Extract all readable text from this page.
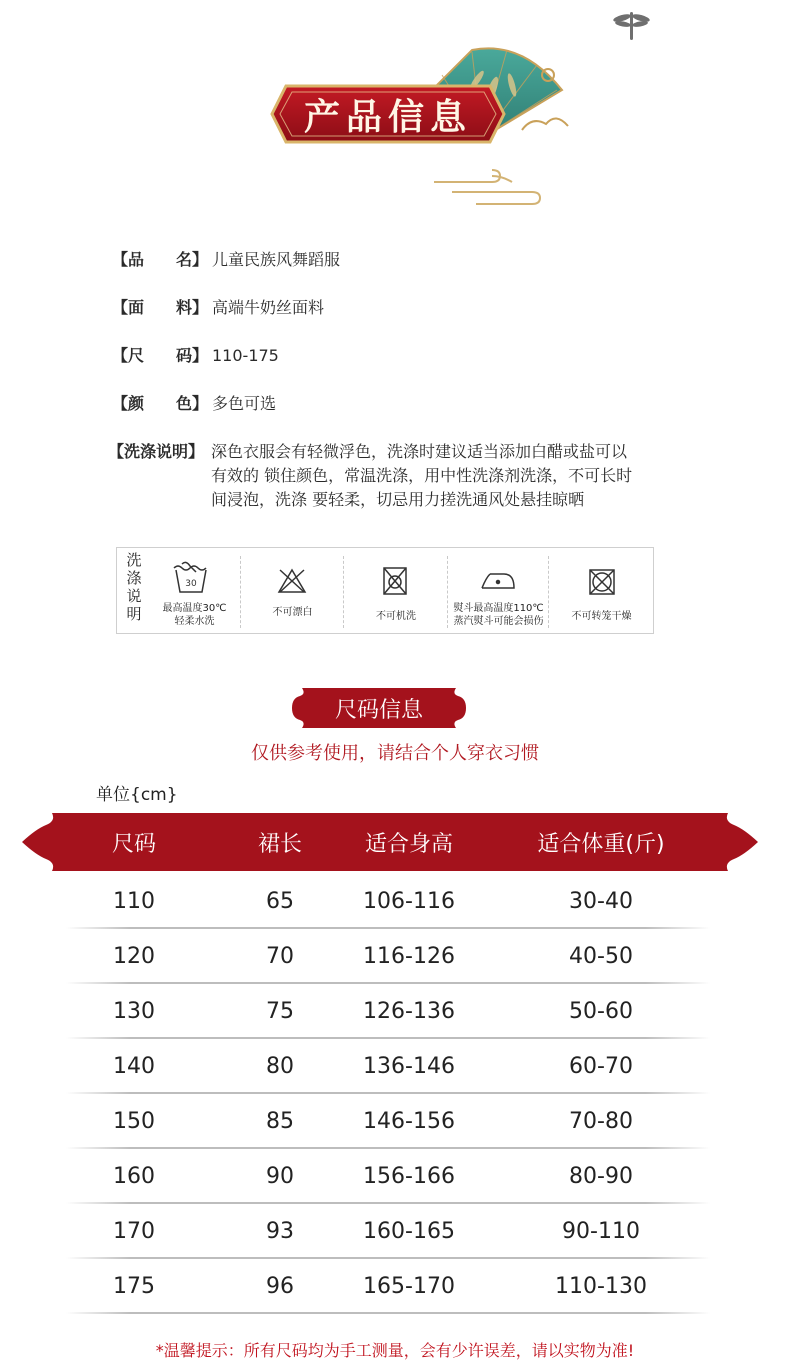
产品信息
【品　　名】 儿童民族风舞蹈服
【面　　料】 高端牛奶丝面料
【尺　　码】 110-175
【颜　　色】 多色可选
【洗涤说明】 深色衣服会有轻微浮色，洗涤时建议适当添加白醋或盐可以
有效的 锁住颜色，常温洗涤，用中性洗涤剂洗涤，不可长时
间浸泡，洗涤 要轻柔，切忌用力搓洗通风处悬挂晾晒
洗涤说明
30
最高温度30℃
轻柔水洗
不可漂白	不可机洗
熨斗最高温度110℃
蒸汽熨斗可能会损伤	不可转笼干燥
尺码信息
仅供参考使用，请结合个人穿衣习惯
单位{cm}
尺码	裙长	适合身高	适合体重(斤)
110	65	106-116	30-40
120	70	116-126	40-50
130	75	126-136	50-60
140	80	136-146	60-70
150	85	146-156	70-80
160	90	156-166	80-90
170	93	160-165	90-110
175	96	165-170	110-130
*温馨提示：所有尺码均为手工测量，会有少许误差，请以实物为准!
